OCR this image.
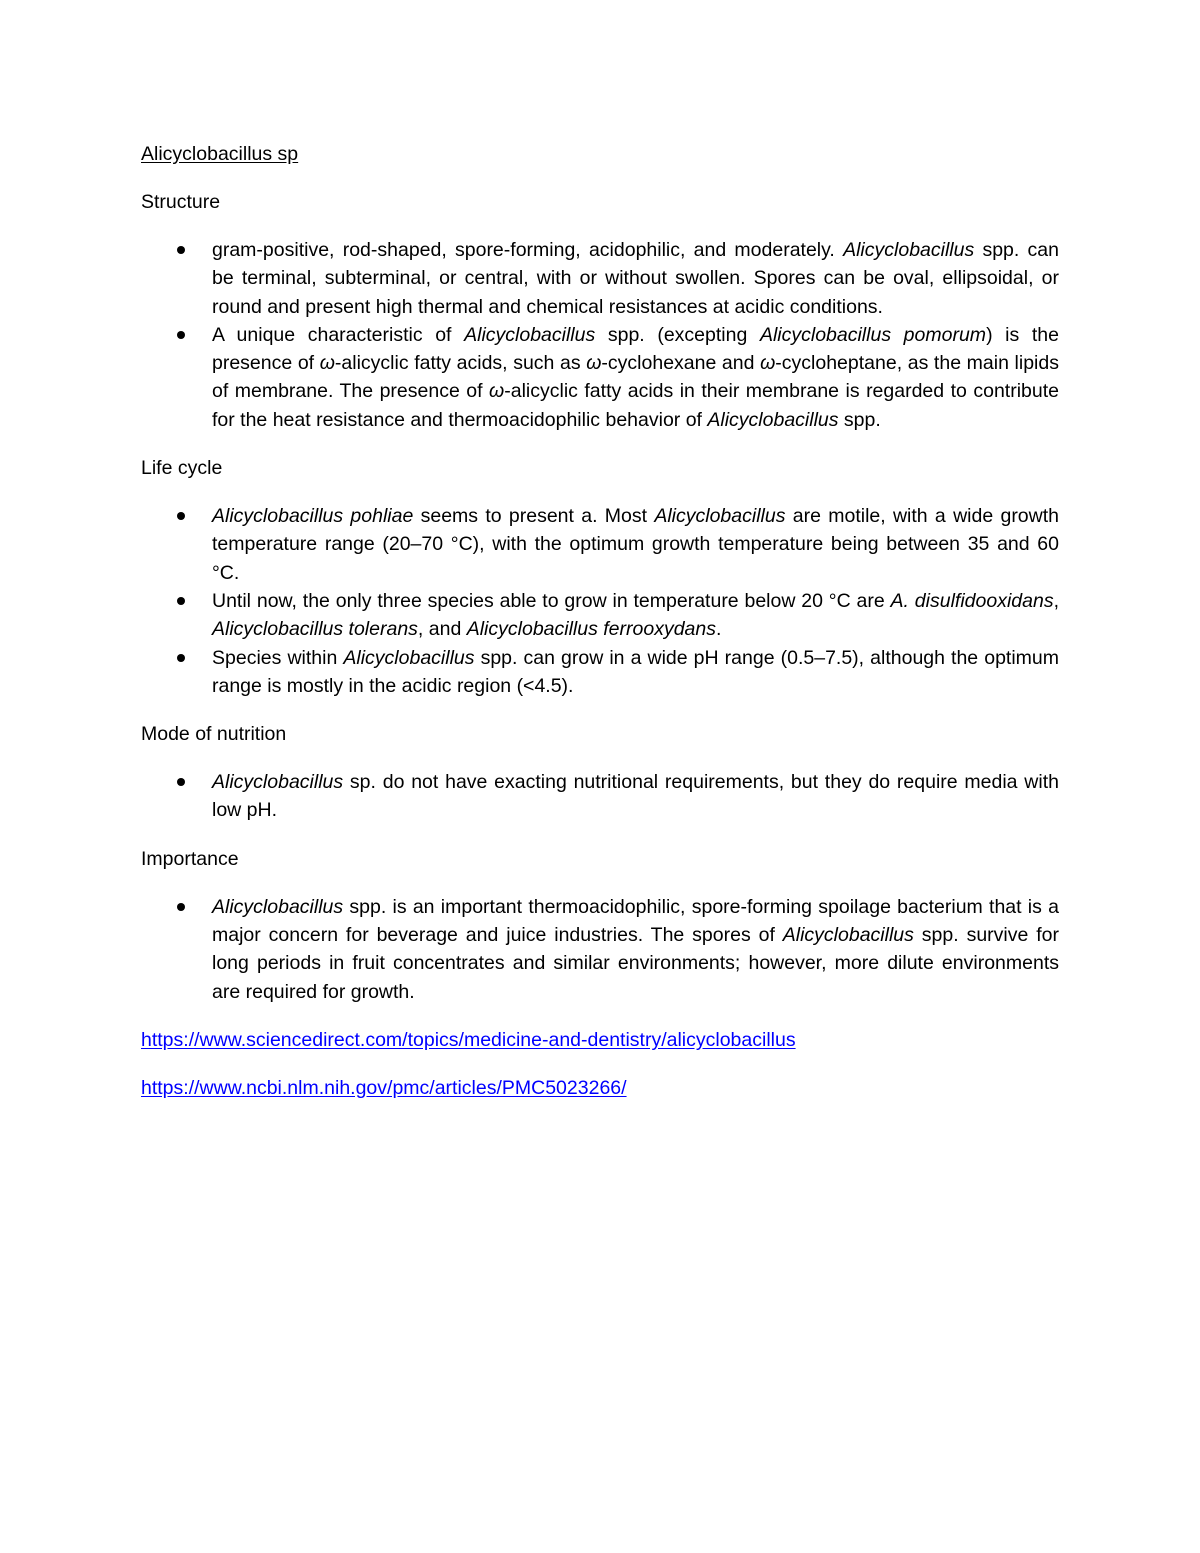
Alicyclobacillus sp
Structure
gram-positive, rod-shaped, spore-forming, acidophilic, and moderately. Alicyclobacillus spp. can be terminal, subterminal, or central, with or without swollen. Spores can be oval, ellipsoidal, or round and present high thermal and chemical resistances at acidic conditions.
A unique characteristic of Alicyclobacillus spp. (excepting Alicyclobacillus pomorum) is the presence of ω-alicyclic fatty acids, such as ω-cyclohexane and ω-cycloheptane, as the main lipids of membrane. The presence of ω-alicyclic fatty acids in their membrane is regarded to contribute for the heat resistance and thermoacidophilic behavior of Alicyclobacillus spp.
Life cycle
Alicyclobacillus pohliae seems to present a. Most Alicyclobacillus are motile, with a wide growth temperature range (20–70 °C), with the optimum growth temperature being between 35 and 60 °C.
Until now, the only three species able to grow in temperature below 20 °C are A. disulfidooxidans, Alicyclobacillus tolerans, and Alicyclobacillus ferrooxydans.
Species within Alicyclobacillus spp. can grow in a wide pH range (0.5–7.5), although the optimum range is mostly in the acidic region (<4.5).
Mode of nutrition
Alicyclobacillus sp. do not have exacting nutritional requirements, but they do require media with low pH.
Importance
Alicyclobacillus spp. is an important thermoacidophilic, spore-forming spoilage bacterium that is a major concern for beverage and juice industries. The spores of Alicyclobacillus spp. survive for long periods in fruit concentrates and similar environments; however, more dilute environments are required for growth.
https://www.sciencedirect.com/topics/medicine-and-dentistry/alicyclobacillus
https://www.ncbi.nlm.nih.gov/pmc/articles/PMC5023266/
